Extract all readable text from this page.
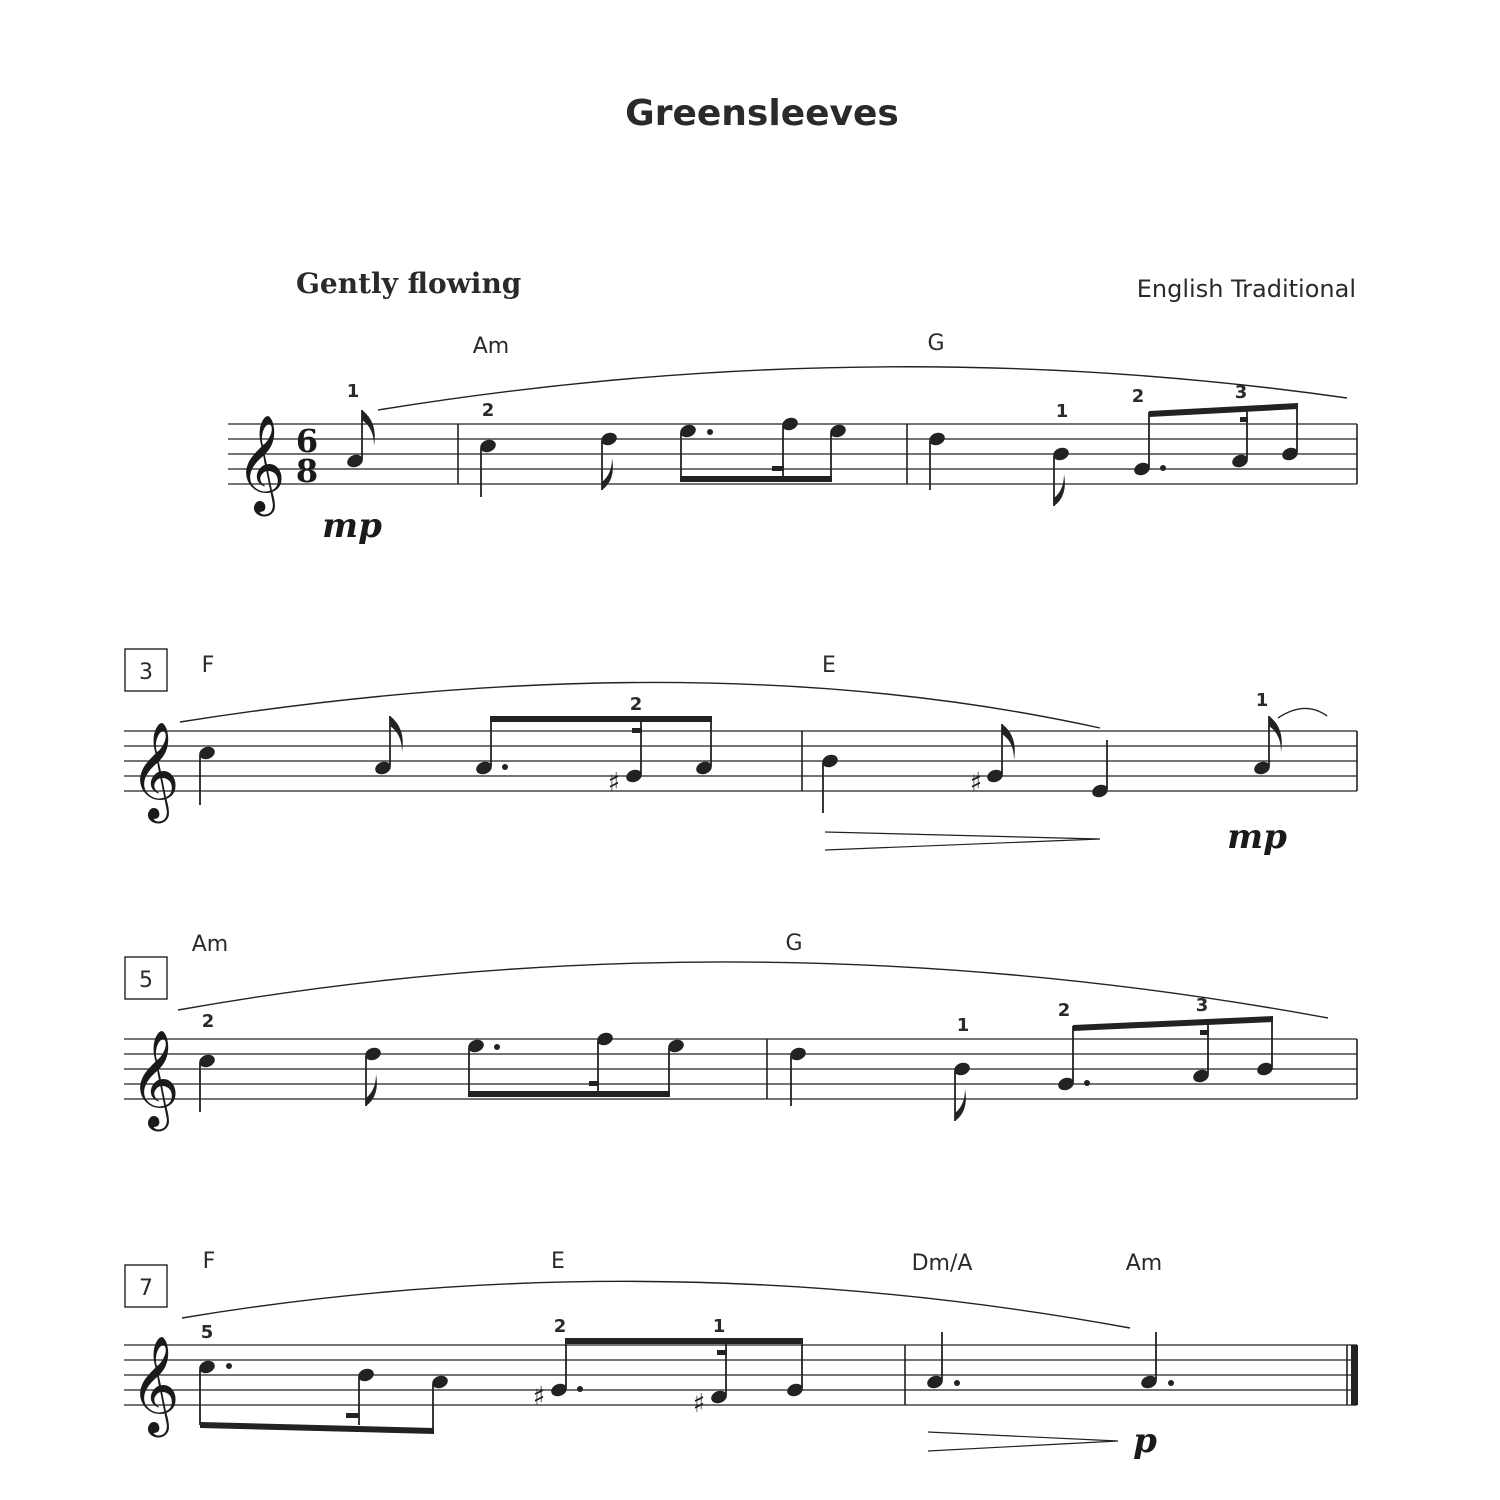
Greensleeves
Gently flowing	English Traditional
𝄞 6
8
Am	G
1
2	1
2	3
mp
3
𝄞
F	E
2	1
mp
♯	♯
5
𝄞
Am	G
2	1
2	3
7
𝄞
F	E	Dm/A	Am
5	2	1
p
♯	♯
